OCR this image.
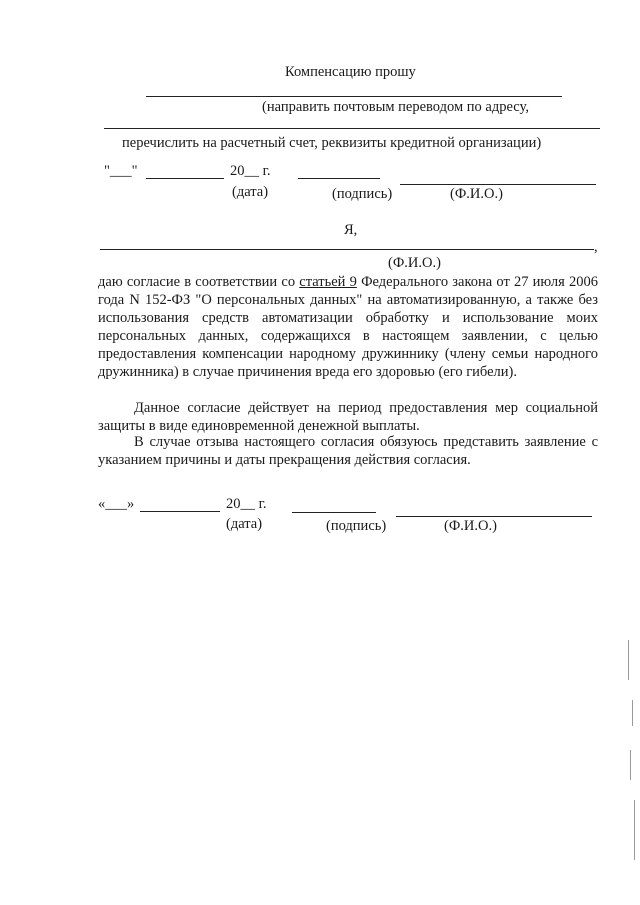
Компенсацию прошу
(направить почтовым переводом по адресу,
перечислить на расчетный счет, реквизиты кредитной организации)
"___"	20__ г.
(дата)	(подпись)	(Ф.И.О.)
Я,
,
(Ф.И.О.)
даю согласие в соответствии со статьей 9 Федерального закона от 27 июля 2006 года N 152-ФЗ "О персональных данных" на автоматизированную, а также без использования средств автоматизации обработку и использование моих персональных данных, содержащихся в настоящем заявлении, с целью предоставления компенсации народному дружиннику (члену семьи народного дружинника) в случае причинения вреда его здоровью (его гибели).
Данное согласие действует на период предоставления мер социальной защиты в виде единовременной денежной выплаты.
В случае отзыва настоящего согласия обязуюсь представить заявление с указанием причины и даты прекращения действия согласия.
«___»	20__ г.
(дата)	(подпись)	(Ф.И.О.)
